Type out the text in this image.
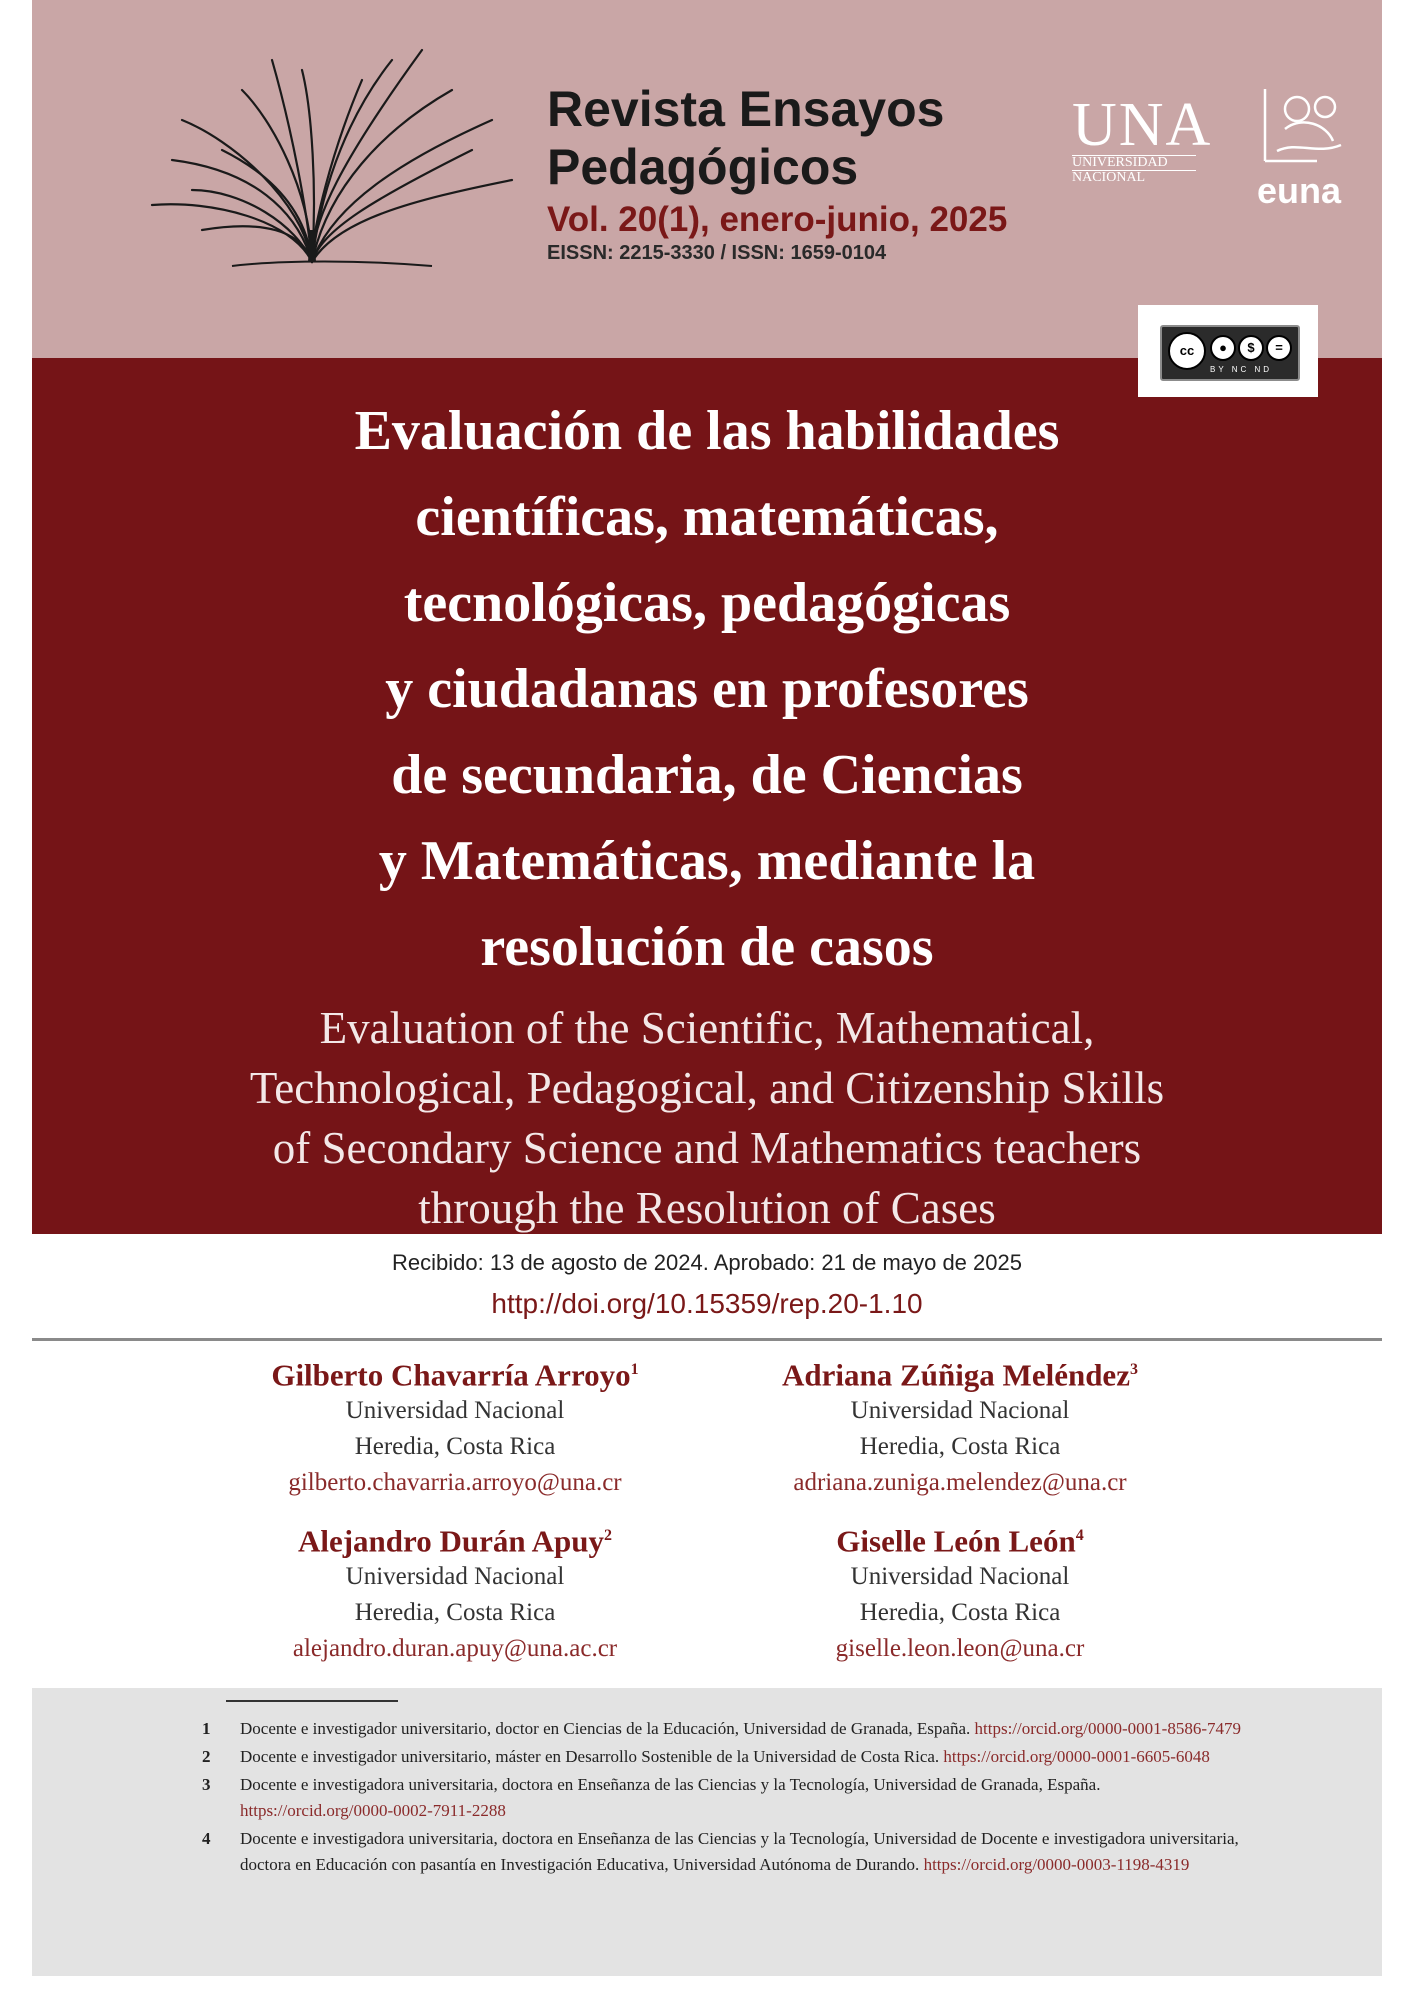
Revista Ensayos
Pedagógicos
Vol. 20(1), enero-junio, 2025
EISSN: 2215-3330 / ISSN: 1659-0104
UNA
UNIVERSIDAD
NACIONAL	euna
cc	●	$	=
BY NC ND
Evaluación de las habilidades
científicas, matemáticas,
tecnológicas, pedagógicas
y ciudadanas en profesores
de secundaria, de Ciencias
y Matemáticas, mediante la
resolución de casos
Evaluation of the Scientific, Mathematical,
Technological, Pedagogical, and Citizenship Skills
of Secondary Science and Mathematics teachers
through the Resolution of Cases
Recibido: 13 de agosto de 2024. Aprobado: 21 de mayo de 2025
http://doi.org/10.15359/rep.20-1.10
Gilberto Chavarría Arroyo$^1$
Universidad Nacional
Heredia, Costa Rica
gilberto.chavarria.arroyo@una.cr
Adriana Zúñiga Meléndez$^3$
Universidad Nacional
Heredia, Costa Rica
adriana.zuniga.melendez@una.cr
Alejandro Durán Apuy$^2$
Universidad Nacional
Heredia, Costa Rica
alejandro.duran.apuy@una.ac.cr
Giselle León León$^4$
Universidad Nacional
Heredia, Costa Rica
giselle.leon.leon@una.cr
1	Docente e investigador universitario, doctor en Ciencias de la Educación, Universidad de Granada, España. https://orcid.org/0000-0001-8586-7479
2	Docente e investigador universitario, máster en Desarrollo Sostenible de la Universidad de Costa Rica. https://orcid.org/0000-0001-6605-6048
3	Docente e investigadora universitaria, doctora en Enseñanza de las Ciencias y la Tecnología, Universidad de Granada, España. https://orcid.org/0000-0002-7911-2288
4	Docente e investigadora universitaria, doctora en Enseñanza de las Ciencias y la Tecnología, Universidad de Docente e investigadora universitaria, doctora en Educación con pasantía en Investigación Educativa, Universidad Autónoma de Durando. https://orcid.org/0000-0003-1198-4319
